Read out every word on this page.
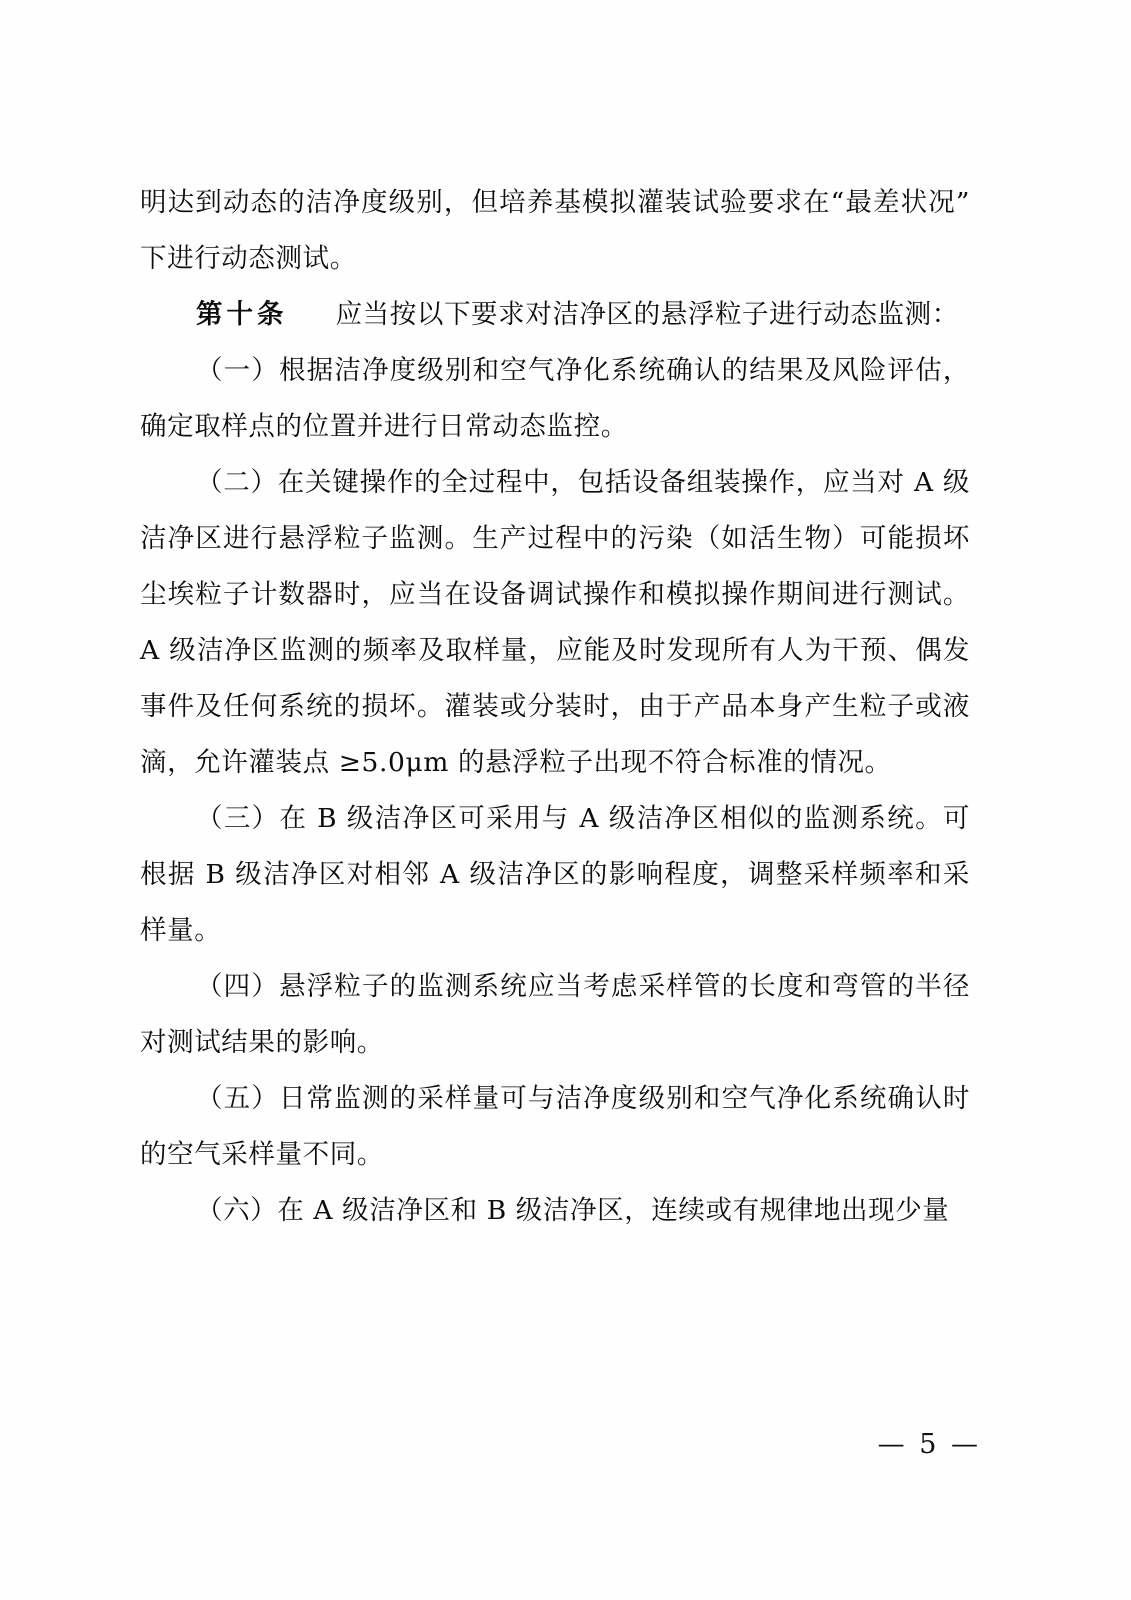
明达到动态的洁净度级别，但培养基模拟灌装试验要求在“最差状况”下进行动态测试。

第十条 应当按以下要求对洁净区的悬浮粒子进行动态监测：

（一）根据洁净度级别和空气净化系统确认的结果及风险评估，确定取样点的位置并进行日常动态监控。

（二）在关键操作的全过程中，包括设备组装操作，应当对 A 级洁净区进行悬浮粒子监测。生产过程中的污染（如活生物）可能损坏尘埃粒子计数器时，应当在设备调试操作和模拟操作期间进行测试。A 级洁净区监测的频率及取样量，应能及时发现所有人为干预、偶发事件及任何系统的损坏。灌装或分装时，由于产品本身产生粒子或液滴，允许灌装点 ≥5.0μm 的悬浮粒子出现不符合标准的情况。

（三）在 B 级洁净区可采用与 A 级洁净区相似的监测系统。可根据 B 级洁净区对相邻 A 级洁净区的影响程度，调整采样频率和采样量。

（四）悬浮粒子的监测系统应当考虑采样管的长度和弯管的半径对测试结果的影响。

（五）日常监测的采样量可与洁净度级别和空气净化系统确认时的空气采样量不同。

（六）在 A 级洁净区和 B 级洁净区，连续或有规律地出现少量

— 5 —
